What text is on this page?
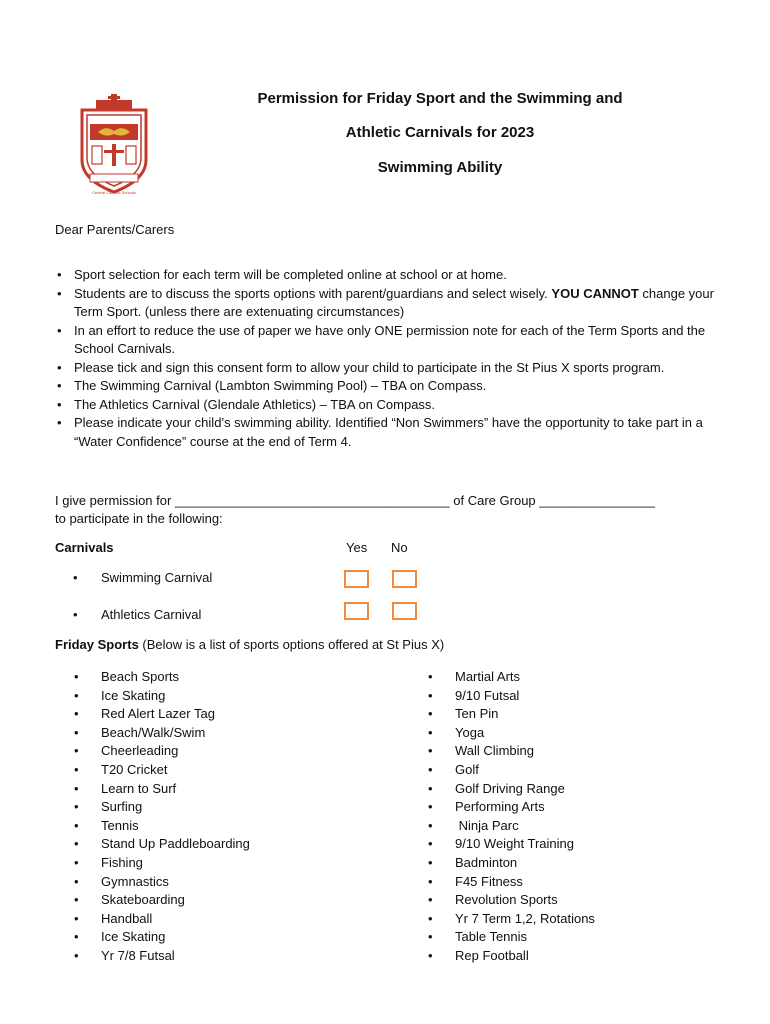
Central Catholic Schools
Permission for Friday Sport and the Swimming and
Athletic Carnivals for 2023
Swimming Ability
Dear Parents/Carers
• Sport selection for each term will be completed online at school or at home.
• Students are to discuss the sports options with parent/guardians and select wisely. YOU CANNOT change your Term Sport. (unless there are extenuating circumstances)
• In an effort to reduce the use of paper we have only ONE permission note for each of the Term Sports and the School Carnivals.
• Please tick and sign this consent form to allow your child to participate in the St Pius X sports program.
• The Swimming Carnival (Lambton Swimming Pool) – TBA on Compass.
• The Athletics Carnival (Glendale Athletics) – TBA on Compass.
• Please indicate your child’s swimming ability. Identified “Non Swimmers” have the opportunity to take part in a “Water Confidence” course at the end of Term 4.
I give permission for ______________________________________ of Care Group ________________
to participate in the following:
Carnivals	Yes No
• Swimming Carnival
• Athletics Carnival
Friday Sports (Below is a list of sports options offered at St Pius X)
• Beach Sports
• Ice Skating
• Red Alert Lazer Tag
• Beach/Walk/Swim
• Cheerleading
• T20 Cricket
• Learn to Surf
• Surfing
• Tennis
• Stand Up Paddleboarding
• Fishing
• Gymnastics
• Skateboarding
• Handball
• Ice Skating
• Yr 7/8 Futsal
• Martial Arts
• 9/10 Futsal
• Ten Pin
• Yoga
• Wall Climbing
• Golf
• Golf Driving Range
• Performing Arts
•  Ninja Parc
• 9/10 Weight Training
• Badminton
• F45 Fitness
• Revolution Sports
• Yr 7 Term 1,2, Rotations
• Table Tennis
• Rep Football
